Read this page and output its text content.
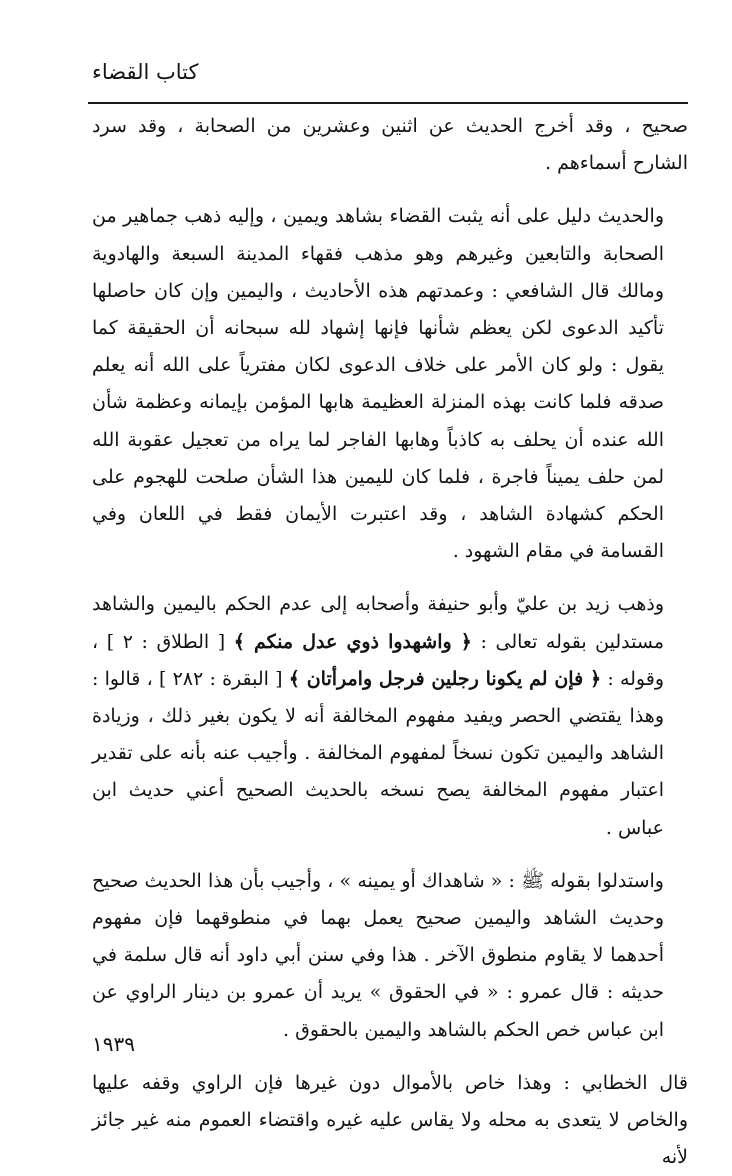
كتاب القضاء

صحيح ، وقد أخرج الحديث عن اثنين وعشرين من الصحابة ، وقد سرد الشارح أسماءهم .

والحديث دليل على أنه يثبت القضاء بشاهد ويمين ، وإليه ذهب جماهير من الصحابة والتابعين وغيرهم وهو مذهب فقهاء المدينة السبعة والهادوية ومالك قال الشافعي : وعمدتهم هذه الأحاديث ، واليمين وإن كان حاصلها تأكيد الدعوى لكن يعظم شأنها فإنها إشهاد لله سبحانه أن الحقيقة كما يقول : ولو كان الأمر على خلاف الدعوى لكان مفترياً على الله أنه يعلم صدقه فلما كانت بهذه المنزلة العظيمة هابها المؤمن بإيمانه وعظمة شأن الله عنده أن يحلف به كاذباً وهابها الفاجر لما يراه من تعجيل عقوبة الله لمن حلف يميناً فاجرة ، فلما كان لليمين هذا الشأن صلحت للهجوم على الحكم كشهادة الشاهد ، وقد اعتبرت الأيمان فقط في اللعان وفي القسامة في مقام الشهود .

وذهب زيد بن عليّ وأبو حنيفة وأصحابه إلى عدم الحكم باليمين والشاهد مستدلين بقوله تعالى : ﴿ واشهدوا ذوي عدل منكم ﴾ [ الطلاق : ٢ ] ، وقوله : ﴿ فإن لم يكونا رجلين فرجل وامرأتان ﴾ [ البقرة : ٢٨٢ ] ، قالوا : وهذا يقتضي الحصر ويفيد مفهوم المخالفة أنه لا يكون بغير ذلك ، وزيادة الشاهد واليمين تكون نسخاً لمفهوم المخالفة . وأجيب عنه بأنه على تقدير اعتبار مفهوم المخالفة يصح نسخه بالحديث الصحيح أعني حديث ابن عباس .

واستدلوا بقوله ﷺ : « شاهداك أو يمينه » ، وأجيب بأن هذا الحديث صحيح وحديث الشاهد واليمين صحيح يعمل بهما في منطوقهما فإن مفهوم أحدهما لا يقاوم منطوق الآخر . هذا وفي سنن أبي داود أنه قال سلمة في حديثه : قال عمرو : « في الحقوق » يريد أن عمرو بن دينار الراوي عن ابن عباس خص الحكم بالشاهد واليمين بالحقوق .

قال الخطابي : وهذا خاص بالأموال دون غيرها فإن الراوي وقفه عليها والخاص لا يتعدى به محله ولا يقاس عليه غيره واقتضاء العموم منه غير جائز لأنه

١٩٣٩
